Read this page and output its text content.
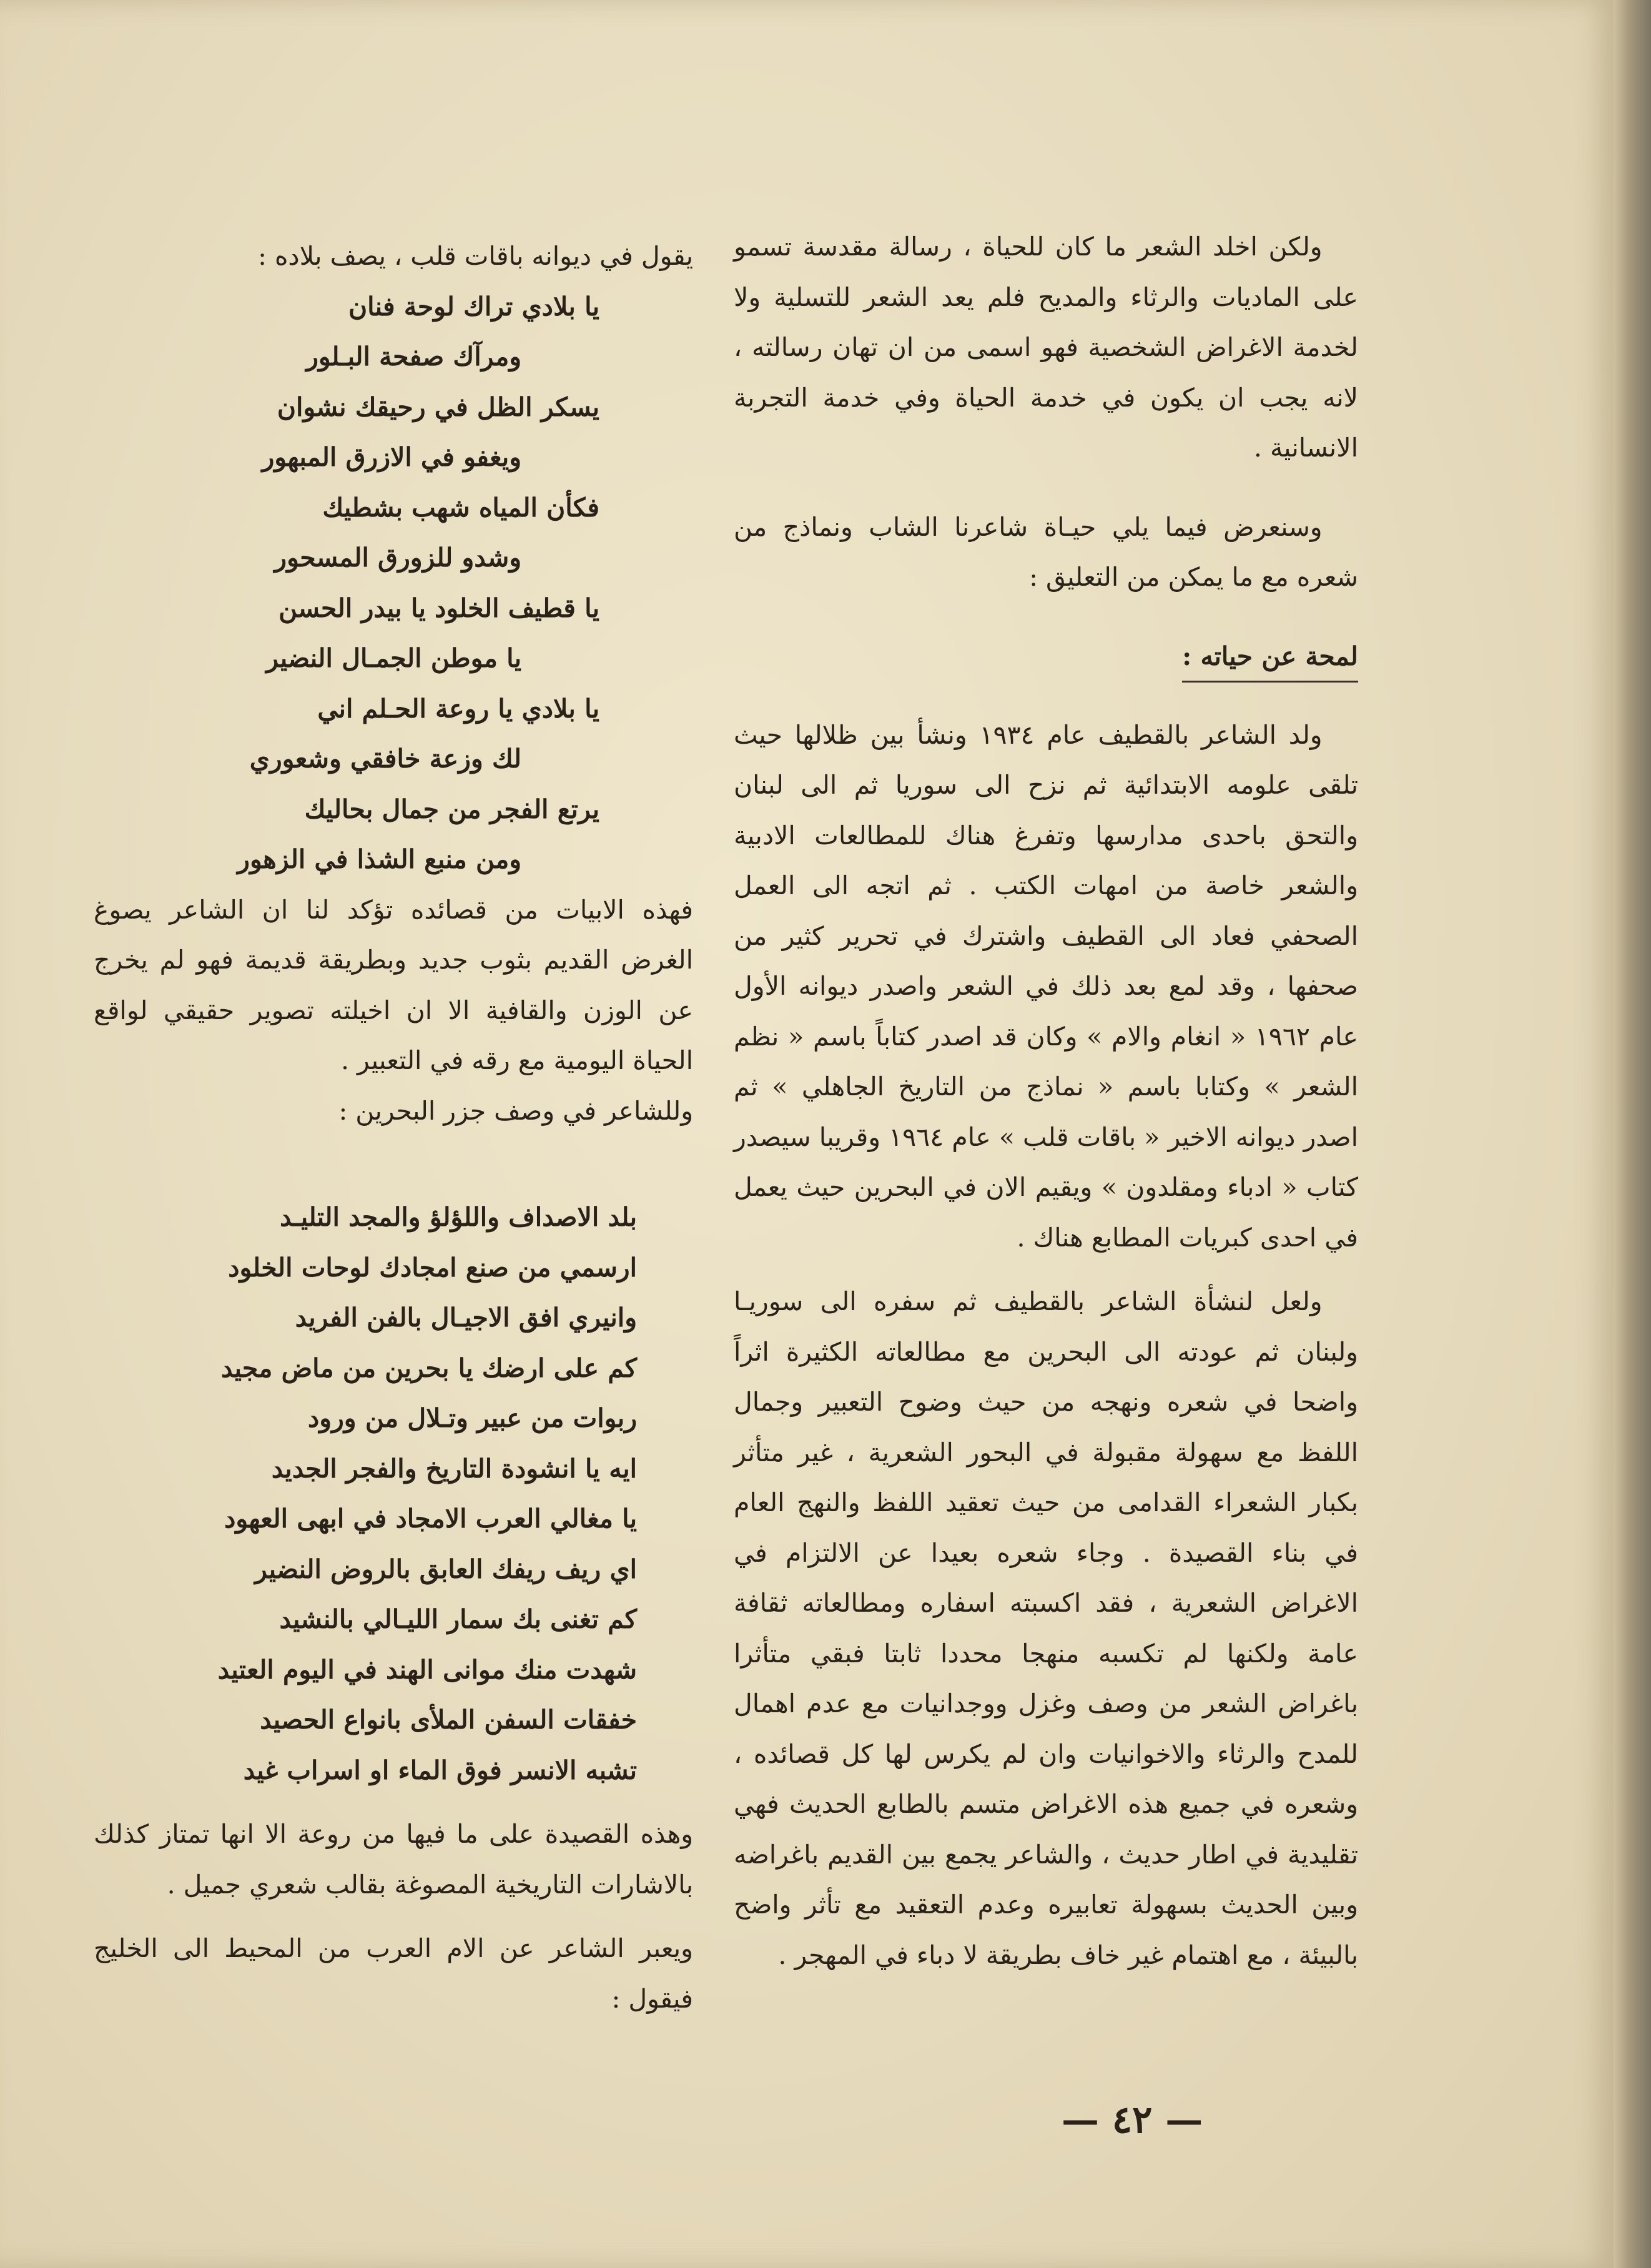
ولكن اخلد الشعر ما كان للحياة ، رسالة مقدسة تسمو على الماديات والرثاء والمديح فلم يعد الشعر للتسلية ولا لخدمة الاغراض الشخصية فهو اسمى من ان تهان رسالته ، لانه يجب ان يكون في خدمة الحياة وفي خدمة التجربة الانسانية .

وسنعرض فيما يلي حيـاة شاعرنا الشاب ونماذج من شعره مع ما يمكن من التعليق :

لمحة عن حياته :

ولد الشاعر بالقطيف عام ١٩٣٤ ونشأ بين ظلالها حيث تلقى علومه الابتدائية ثم نزح الى سوريا ثم الى لبنان والتحق باحدى مدارسها وتفرغ هناك للمطالعات الادبية والشعر خاصة من امهات الكتب . ثم اتجه الى العمل الصحفي فعاد الى القطيف واشترك في تحرير كثير من صحفها ، وقد لمع بعد ذلك في الشعر واصدر ديوانه الأول عام ١٩٦٢ « انغام والام » وكان قد اصدر كتاباً باسم « نظم الشعر » وكتابا باسم « نماذج من التاريخ الجاهلي » ثم اصدر ديوانه الاخير « باقات قلب » عام ١٩٦٤ وقريبا سيصدر كتاب « ادباء ومقلدون » ويقيم الان في البحرين حيث يعمل في احدى كبريات المطابع هناك .

ولعل لنشأة الشاعر بالقطيف ثم سفره الى سوريـا ولبنان ثم عودته الى البحرين مع مطالعاته الكثيرة اثراً واضحا في شعره ونهجه من حيث وضوح التعبير وجمال اللفظ مع سهولة مقبولة في البحور الشعرية ، غير متأثر بكبار الشعراء القدامى من حيث تعقيد اللفظ والنهج العام في بناء القصيدة . وجاء شعره بعيدا عن الالتزام في الاغراض الشعرية ، فقد اكسبته اسفاره ومطالعاته ثقافة عامة ولكنها لم تكسبه منهجا محددا ثابتا فبقي متأثرا باغراض الشعر من وصف وغزل ووجدانيات مع عدم اهمال للمدح والرثاء والاخوانيات وان لم يكرس لها كل قصائده ، وشعره في جميع هذه الاغراض متسم بالطابع الحديث فهي تقليدية في اطار حديث ، والشاعر يجمع بين القديم باغراضه وبين الحديث بسهولة تعابيره وعدم التعقيد مع تأثر واضح بالبيئة ، مع اهتمام غير خاف بطريقة لا دباء في المهجر .

يقول في ديوانه باقات قلب ، يصف بلاده :

يا بلادي تراك لوحة فنان

ومرآك صفحة البـلور

يسكر الظل في رحيقك نشوان

ويغفو في الازرق المبهور

فكأن المياه شهب بشطيك

وشدو للزورق المسحور

يا قطيف الخلود يا بيدر الحسن

يا موطن الجمـال النضير

يا بلادي يا روعة الحـلم اني

لك وزعة خافقي وشعوري

يرتع الفجر من جمال بحاليك

ومن منبع الشذا في الزهور

فهذه الابيات من قصائده تؤكد لنا ان الشاعر يصوغ الغرض القديم بثوب جديد وبطريقة قديمة فهو لم يخرج عن الوزن والقافية الا ان اخيلته تصوير حقيقي لواقع الحياة اليومية مع رقه في التعبير .

وللشاعر في وصف جزر البحرين :

بلد الاصداف واللؤلؤ والمجد التليـد

ارسمي من صنع امجادك لوحات الخلود

وانيري افق الاجيـال بالفن الفريد

كم على ارضك يا بحرين من ماض مجيد

ربوات من عبير وتـلال من ورود

ايه يا انشودة التاريخ والفجر الجديد

يا مغالي العرب الامجاد في ابهى العهود

اي ريف ريفك العابق بالروض النضير

كم تغنى بك سمار الليـالي بالنشيد

شهدت منك موانى الهند في اليوم العتيد

خفقات السفن الملأى بانواع الحصيد

تشبه الانسر فوق الماء او اسراب غيد

وهذه القصيدة على ما فيها من روعة الا انها تمتاز كذلك بالاشارات التاريخية المصوغة بقالب شعري جميل .

ويعبر الشاعر عن الام العرب من المحيط الى الخليج فيقول :

— ٤٢ —
